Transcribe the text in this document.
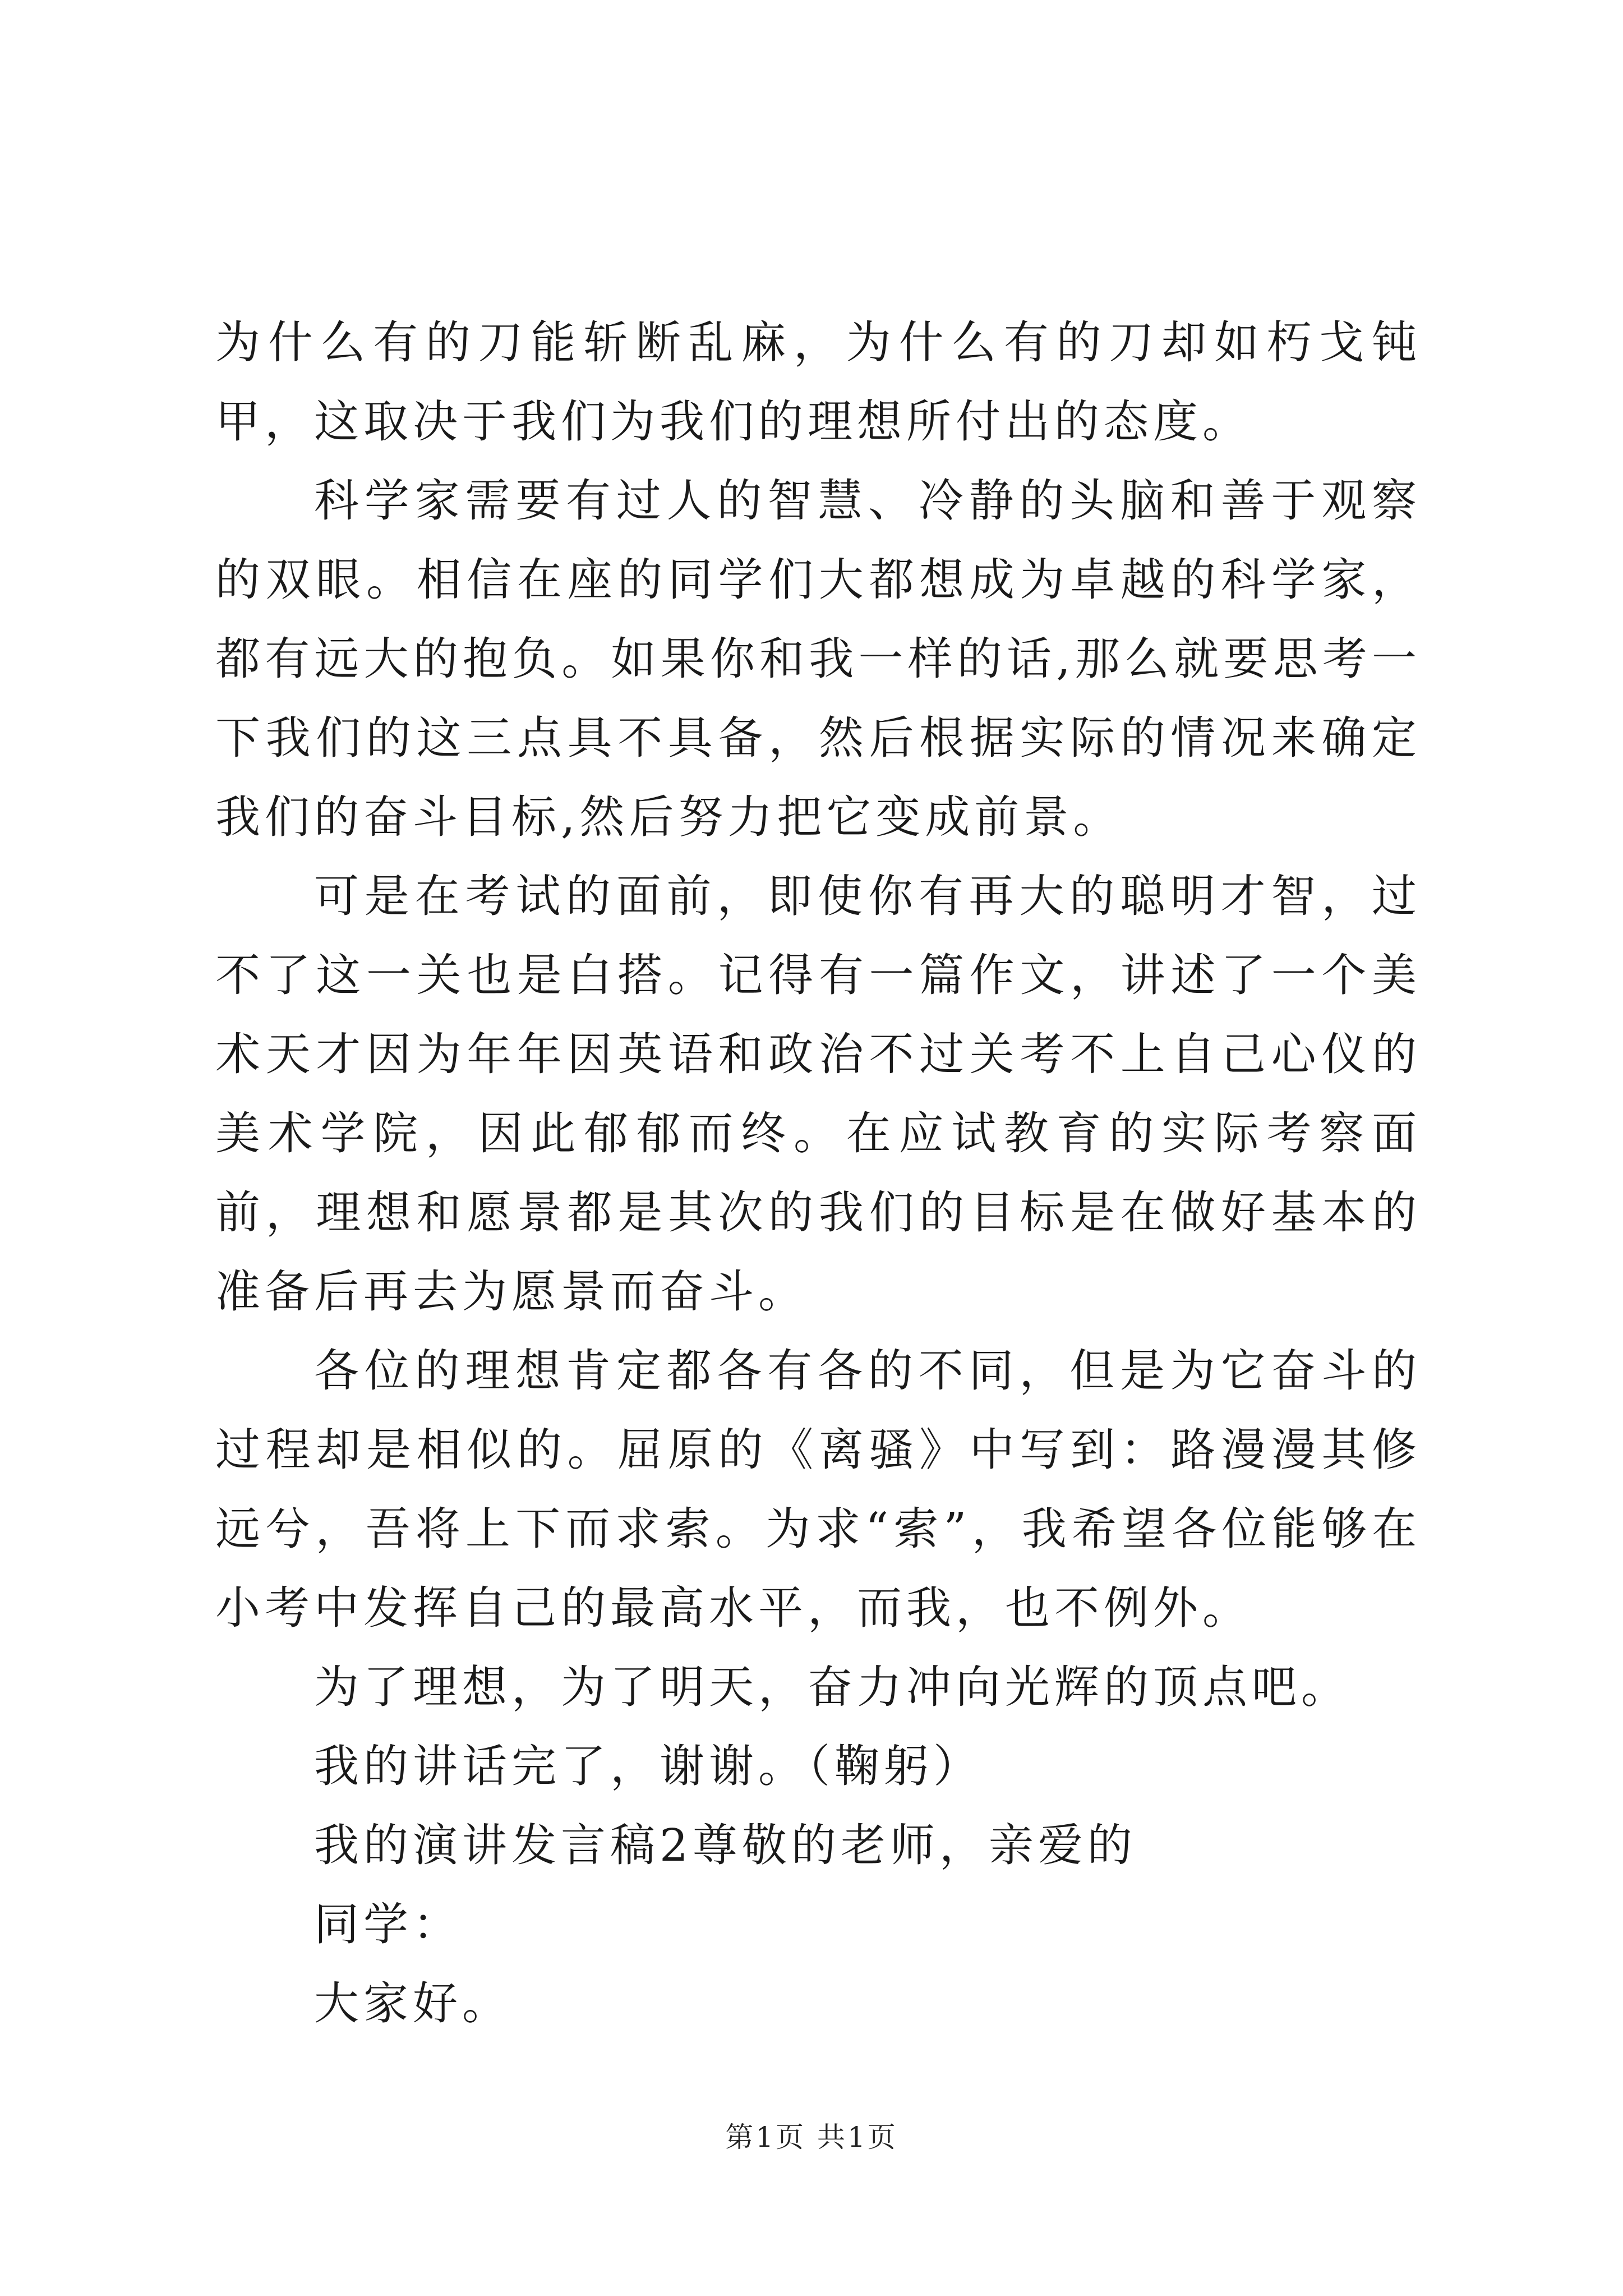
为什么有的刀能斩断乱麻，为什么有的刀却如朽戈钝甲，这取决于我们为我们的理想所付出的态度。

科学家需要有过人的智慧、冷静的头脑和善于观察的双眼。相信在座的同学们大都想成为卓越的科学家，都有远大的抱负。如果你和我一样的话,那么就要思考一下我们的这三点具不具备，然后根据实际的情况来确定我们的奋斗目标,然后努力把它变成前景。

可是在考试的面前，即使你有再大的聪明才智，过不了这一关也是白搭。记得有一篇作文，讲述了一个美术天才因为年年因英语和政治不过关考不上自己心仪的美术学院，因此郁郁而终。在应试教育的实际考察面前，理想和愿景都是其次的我们的目标是在做好基本的准备后再去为愿景而奋斗。

各位的理想肯定都各有各的不同，但是为它奋斗的过程却是相似的。屈原的《离骚》中写到：路漫漫其修远兮，吾将上下而求索。为求“索”，我希望各位能够在小考中发挥自己的最高水平，而我，也不例外。

为了理想，为了明天，奋力冲向光辉的顶点吧。

我的讲话完了，谢谢。（鞠躬）

我的演讲发言稿2尊敬的老师，亲爱的

同学：

大家好。

第1页 共1页
